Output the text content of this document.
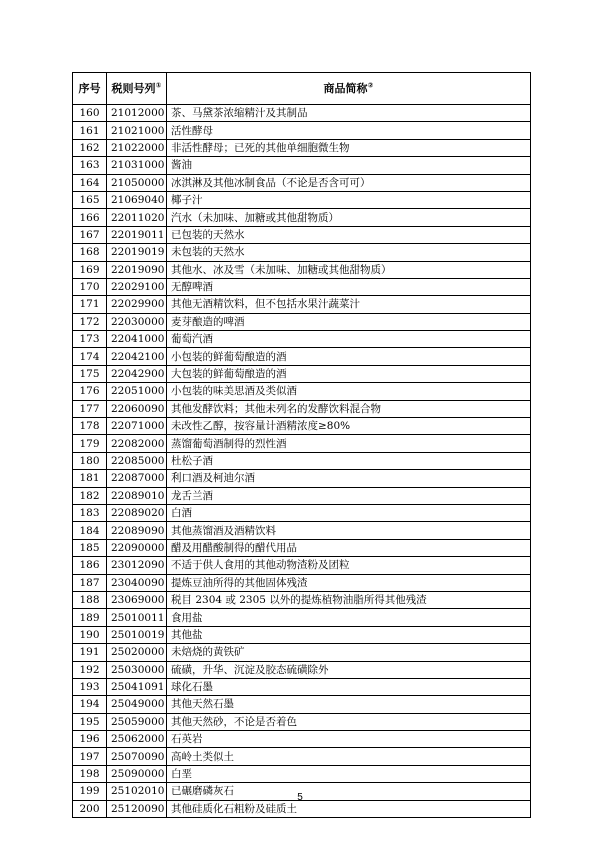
序号	税则号列①	商品简称②
160	21012000	茶、马黛茶浓缩精汁及其制品
161	21021000	活性酵母
162	21022000	非活性酵母；已死的其他单细胞微生物
163	21031000	酱油
164	21050000	冰淇淋及其他冰制食品（不论是否含可可）
165	21069040	椰子汁
166	22011020	汽水（未加味、加糖或其他甜物质）
167	22019011	已包装的天然水
168	22019019	未包装的天然水
169	22019090	其他水、冰及雪（未加味、加糖或其他甜物质）
170	22029100	无醇啤酒
171	22029900	其他无酒精饮料，但不包括水果汁蔬菜汁
172	22030000	麦芽酿造的啤酒
173	22041000	葡萄汽酒
174	22042100	小包装的鲜葡萄酿造的酒
175	22042900	大包装的鲜葡萄酿造的酒
176	22051000	小包装的味美思酒及类似酒
177	22060090	其他发酵饮料；其他未列名的发酵饮料混合物
178	22071000	未改性乙醇，按容量计酒精浓度≥80%
179	22082000	蒸馏葡萄酒制得的烈性酒
180	22085000	杜松子酒
181	22087000	利口酒及柯迪尔酒
182	22089010	龙舌兰酒
183	22089020	白酒
184	22089090	其他蒸馏酒及酒精饮料
185	22090000	醋及用醋酸制得的醋代用品
186	23012090	不适于供人食用的其他动物渣粉及团粒
187	23040090	提炼豆油所得的其他固体残渣
188	23069000	税目 2304 或 2305 以外的提炼植物油脂所得其他残渣
189	25010011	食用盐
190	25010019	其他盐
191	25020000	未焙烧的黄铁矿
192	25030000	硫磺，升华、沉淀及胶态硫磺除外
193	25041091	球化石墨
194	25049000	其他天然石墨
195	25059000	其他天然砂，不论是否着色
196	25062000	石英岩
197	25070090	高岭土类似土
198	25090000	白垩
199	25102010	已碾磨磷灰石
200	25120090	其他硅质化石粗粉及硅质土
5
